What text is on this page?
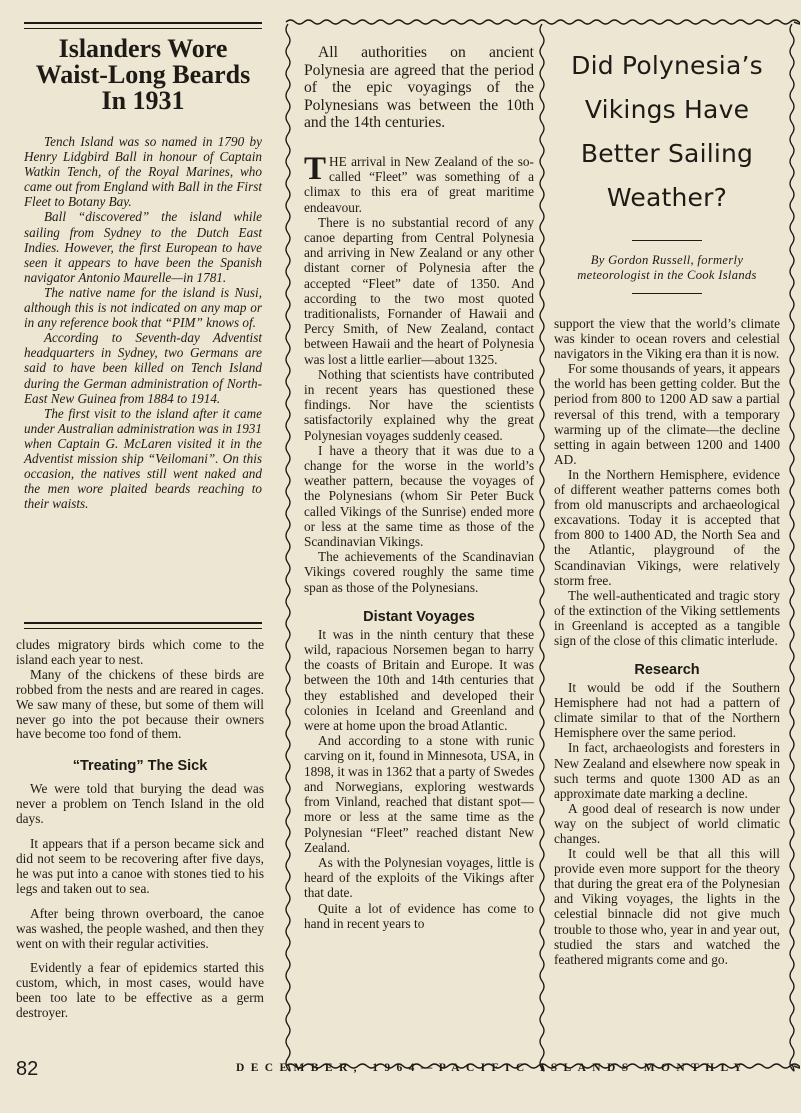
Islanders Wore Waist-Long Beards In 1931

Tench Island was so named in 1790 by Henry Lidgbird Ball in honour of Captain Watkin Tench, of the Royal Marines, who came out from England with Ball in the First Fleet to Botany Bay.

Ball “discovered” the island while sailing from Sydney to the Dutch East Indies. However, the first European to have seen it appears to have been the Spanish navigator Antonio Maurelle—in 1781.

The native name for the island is Nusi, although this is not indicated on any map or in any reference book that “PIM” knows of.

According to Seventh-day Adventist headquarters in Sydney, two Germans are said to have been killed on Tench Island during the German administration of North-East New Guinea from 1884 to 1914.

The first visit to the island after it came under Australian administration was in 1931 when Captain G. McLaren visited it in the Adventist mission ship “Veilomani”. On this occasion, the natives still went naked and the men wore plaited beards reaching to their waists.

cludes migratory birds which come to the island each year to nest.

Many of the chickens of these birds are robbed from the nests and are reared in cages. We saw many of these, but some of them will never go into the pot because their owners have become too fond of them.

“Treating” The Sick

We were told that burying the dead was never a problem on Tench Island in the old days.

It appears that if a person became sick and did not seem to be recovering after five days, he was put into a canoe with stones tied to his legs and taken out to sea.

After being thrown overboard, the canoe was washed, the people washed, and then they went on with their regular activities.

Evidently a fear of epidemics started this custom, which, in most cases, would have been too late to be effective as a germ destroyer.

All authorities on ancient Polynesia are agreed that the period of the epic voyagings of the Polynesians was between the 10th and the 14th centuries.

THE arrival in New Zealand of the so-called “Fleet” was something of a climax to this era of great maritime endeavour.

There is no substantial record of any canoe departing from Central Polynesia and arriving in New Zealand or any other distant corner of Polynesia after the accepted “Fleet” date of 1350. And according to the two most quoted traditionalists, Fornander of Hawaii and Percy Smith, of New Zealand, contact between Hawaii and the heart of Polynesia was lost a little earlier—about 1325.

Nothing that scientists have contributed in recent years has questioned these findings. Nor have the scientists satisfactorily explained why the great Polynesian voyages suddenly ceased.

I have a theory that it was due to a change for the worse in the world’s weather pattern, because the voyages of the Polynesians (whom Sir Peter Buck called Vikings of the Sunrise) ended more or less at the same time as those of the Scandinavian Vikings.

The achievements of the Scandinavian Vikings covered roughly the same time span as those of the Polynesians.

Distant Voyages

It was in the ninth century that these wild, rapacious Norsemen began to harry the coasts of Britain and Europe. It was between the 10th and 14th centuries that they established and developed their colonies in Iceland and Greenland and were at home upon the broad Atlantic.

And according to a stone with runic carving on it, found in Minnesota, USA, in 1898, it was in 1362 that a party of Swedes and Norwegians, exploring westwards from Vinland, reached that distant spot—more or less at the same time as the Polynesian “Fleet” reached distant New Zealand.

As with the Polynesian voyages, little is heard of the exploits of the Vikings after that date.

Quite a lot of evidence has come to hand in recent years to

Did Polynesia’s
Vikings Have
Better Sailing
Weather?
By Gordon Russell, formerly meteorologist in the Cook Islands

support the view that the world’s climate was kinder to ocean rovers and celestial navigators in the Viking era than it is now.

For some thousands of years, it appears the world has been getting colder. But the period from 800 to 1200 AD saw a partial reversal of this trend, with a temporary warming up of the climate—the decline setting in again between 1200 and 1400 AD.

In the Northern Hemisphere, evidence of different weather patterns comes both from old manuscripts and archaeological excavations. Today it is accepted that from 800 to 1400 AD, the North Sea and the Atlantic, playground of the Scandinavian Vikings, were relatively storm free.

The well-authenticated and tragic story of the extinction of the Viking settlements in Greenland is accepted as a tangible sign of the close of this climatic interlude.

Research

It would be odd if the Southern Hemisphere had not had a pattern of climate similar to that of the Northern Hemisphere over the same period.

In fact, archaeologists and foresters in New Zealand and elsewhere now speak in such terms and quote 1300 AD as an approximate date marking a decline.

A good deal of research is now under way on the subject of world climatic changes.

It could well be that all this will provide even more support for the theory that during the great era of the Polynesian and Viking voyages, the lights in the celestial binnacle did not give much trouble to those who, year in and year out, studied the stars and watched the feathered migrants come and go.

82	DECEMBER, 1964—PACIFIC ISLANDS MONTHLY
